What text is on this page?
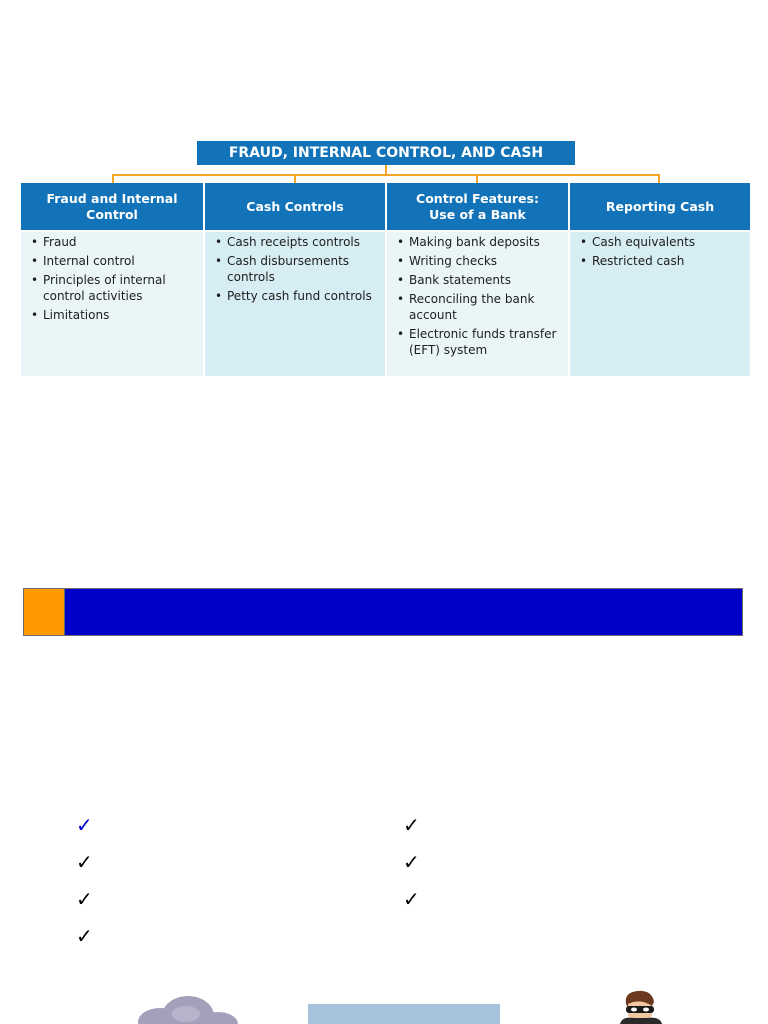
FRAUD, INTERNAL CONTROL, AND CASH
Fraud and Internal
Control
• Fraud
• Internal control
• Principles of internal control activities
• Limitations
Cash Controls
• Cash receipts controls
• Cash disbursements controls
• Petty cash fund controls
Control Features:
Use of a Bank
• Making bank deposits
• Writing checks
• Bank statements
• Reconciling the bank account
• Electronic funds transfer (EFT) system
Reporting Cash
• Cash equivalents
• Restricted cash
✓
✓
✓
✓
✓
✓
✓
